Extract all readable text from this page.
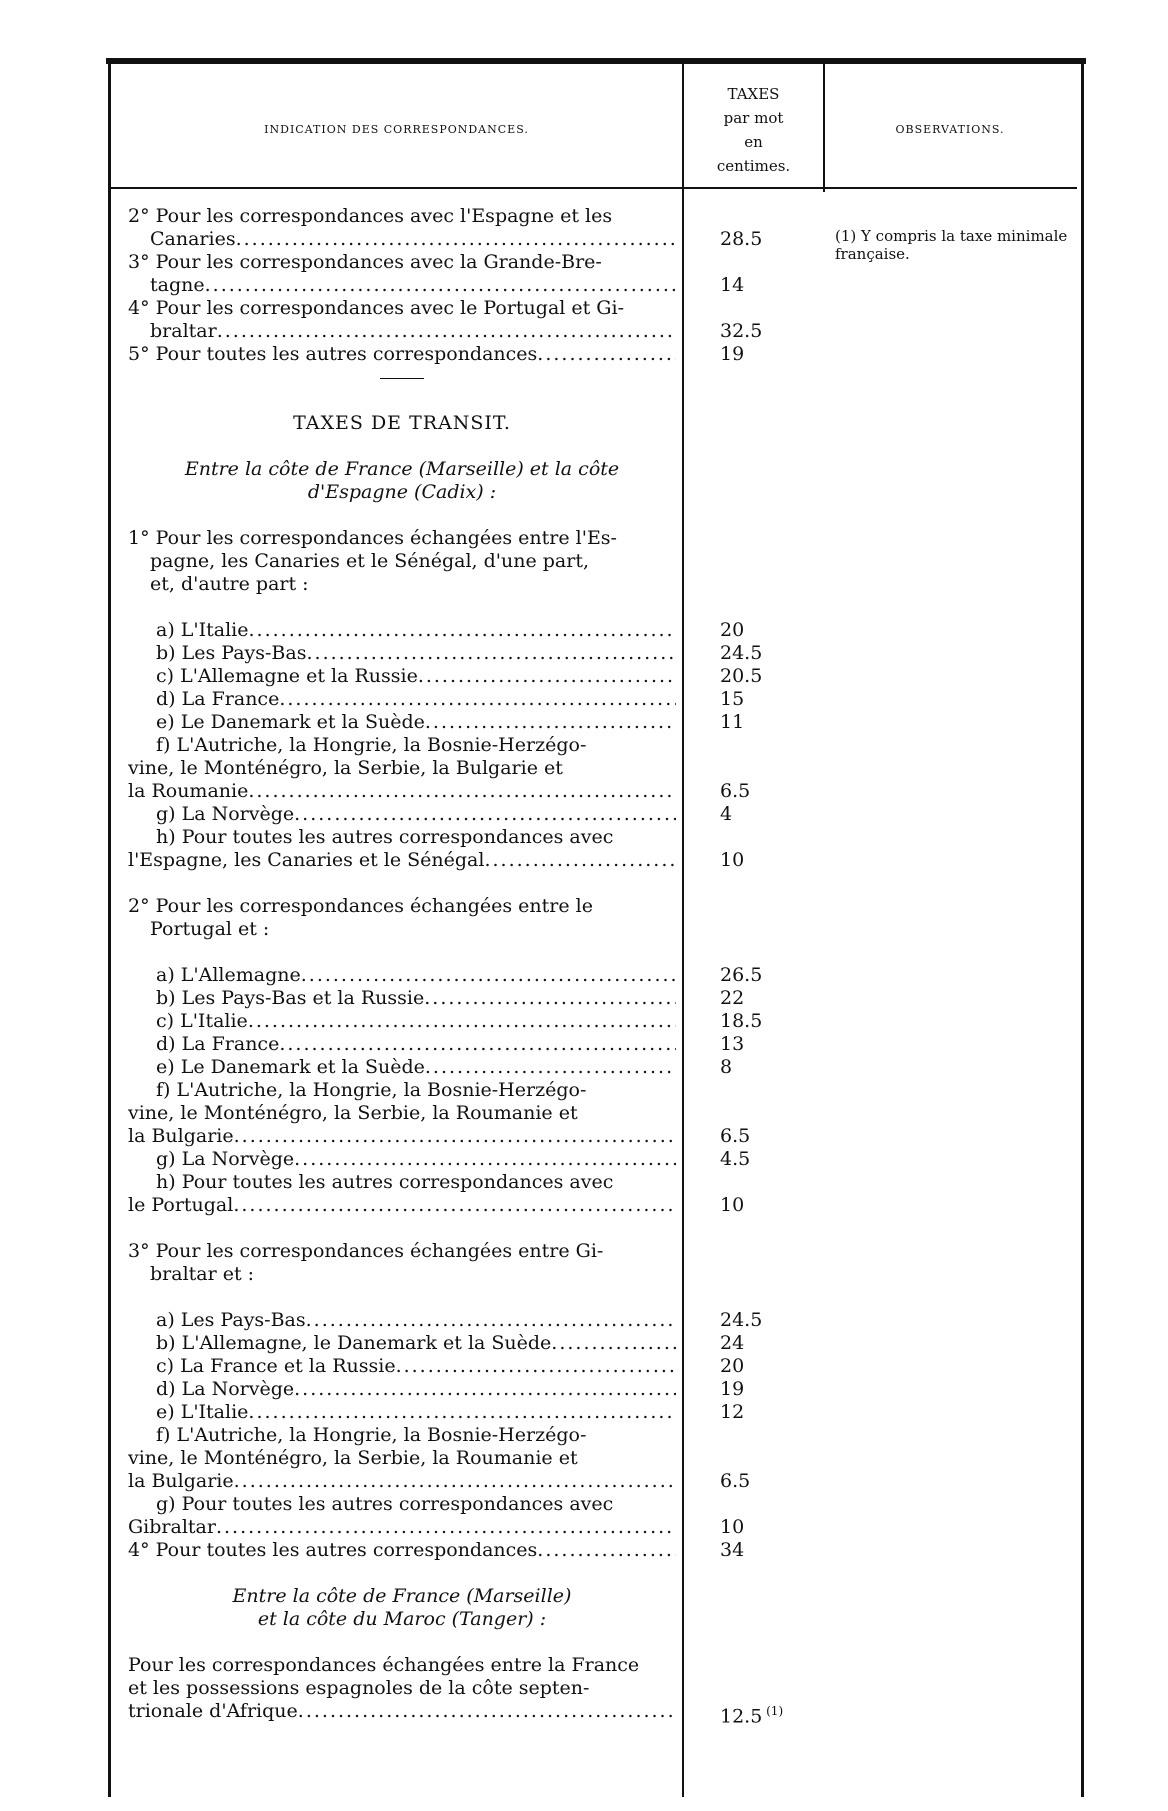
INDICATION DES CORRESPONDANCES.
TAXES
par mot
en
centimes.
OBSERVATIONS.
(1) Y compris la taxe minimale française.
2° Pour les correspondances avec l'Espagne et les
Canaries
.....
3° Pour les correspondances avec la Grande-Bre-
tagne
.....
4° Pour les correspondances avec le Portugal et Gi-
braltar
.....
5° Pour toutes les autres correspondances
.....
TAXES DE TRANSIT.
Entre la côte de France (Marseille) et la côte
d'Espagne (Cadix) :
1° Pour les correspondances échangées entre l'Es-
pagne, les Canaries et le Sénégal, d'une part,
et, d'autre part :
a) L'Italie
.....
b) Les Pays-Bas
.....
c) L'Allemagne et la Russie
.....
d) La France
.....
e) Le Danemark et la Suède
.....
f) L'Autriche, la Hongrie, la Bosnie-Herzégo-
vine, le Monténégro, la Serbie, la Bulgarie et
la Roumanie
.....
g) La Norvège
.....
h) Pour toutes les autres correspondances avec
l'Espagne, les Canaries et le Sénégal
.....
2° Pour les correspondances échangées entre le
Portugal et :
a) L'Allemagne
.....
b) Les Pays-Bas et la Russie
.....
c) L'Italie
.....
d) La France
.....
e) Le Danemark et la Suède
.....
f) L'Autriche, la Hongrie, la Bosnie-Herzégo-
vine, le Monténégro, la Serbie, la Roumanie et
la Bulgarie
.....
g) La Norvège
.....
h) Pour toutes les autres correspondances avec
le Portugal
.....
3° Pour les correspondances échangées entre Gi-
braltar et :
a) Les Pays-Bas
.....
b) L'Allemagne, le Danemark et la Suède
.....
c) La France et la Russie
.....
d) La Norvège
.....
e) L'Italie
.....
f) L'Autriche, la Hongrie, la Bosnie-Herzégo-
vine, le Monténégro, la Serbie, la Roumanie et
la Bulgarie
.....
g) Pour toutes les autres correspondances avec
Gibraltar
.....
4° Pour toutes les autres correspondances
.....
Entre la côte de France (Marseille)
et la côte du Maroc (Tanger) :
Pour les correspondances échangées entre la France
et les possessions espagnoles de la côte septen-
trionale d'Afrique
.....
28.5
14
32.5
19
20
24.5
20.5
15
11
6.5
4
10
26.5
22
18.5
13
8
6.5
4.5
10
24.5
24
20
19
12
6.5
10
34
12.5 $^{(1)}$
